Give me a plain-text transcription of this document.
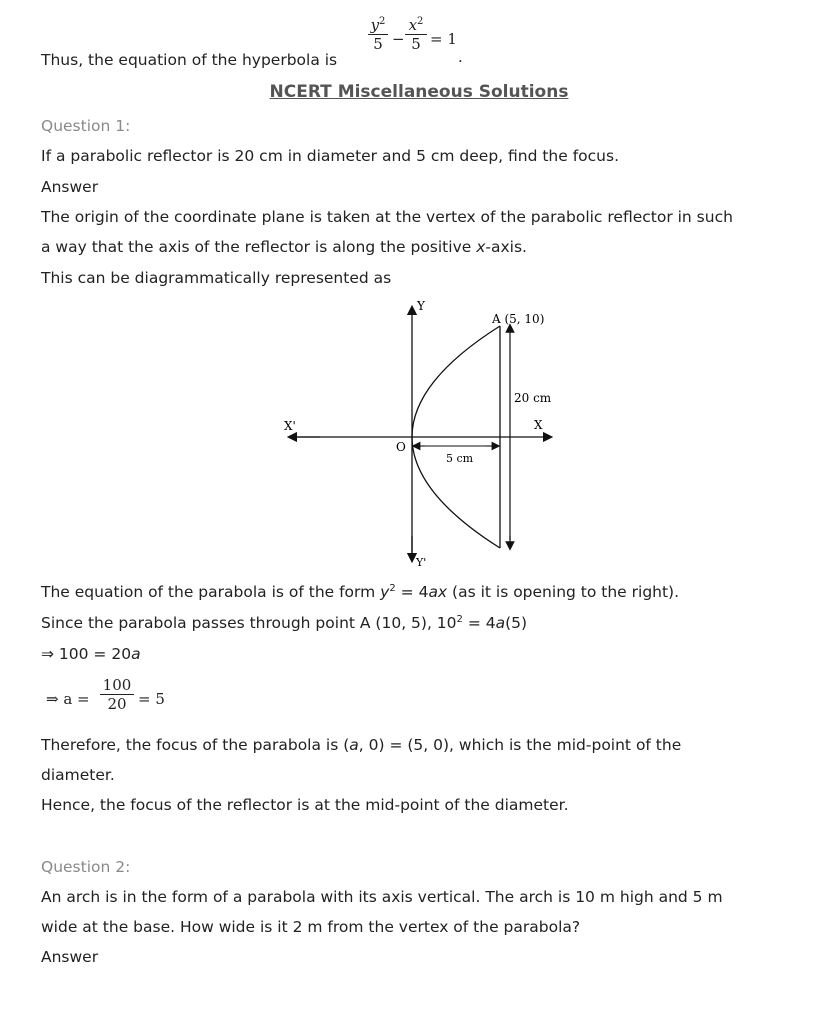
Thus, the equation of the hyperbola is
$y^2$
5 −
$x^2$
5 = 1
.
NCERT Miscellaneous Solutions
Question 1:
If a parabolic reflector is 20 cm in diameter and 5 cm deep, find the focus.
Answer
The origin of the coordinate plane is taken at the vertex of the parabolic reflector in such
a way that the axis of the reflector is along the positive x-axis.
This can be diagrammatically represented as
Y
Y'
X
X'
O
A (5, 10)
20 cm
5 cm
The equation of the parabola is of the form $y^2 = 4ax$ (as it is opening to the right).
Since the parabola passes through point A (10, 5), $10^2 = 4a(5)$
⇒ 100 = 20a
⇒ a =
100
20 = 5
Therefore, the focus of the parabola is (a, 0) = (5, 0), which is the mid-point of the
diameter.
Hence, the focus of the reflector is at the mid-point of the diameter.
Question 2:
An arch is in the form of a parabola with its axis vertical. The arch is 10 m high and 5 m
wide at the base. How wide is it 2 m from the vertex of the parabola?
Answer
